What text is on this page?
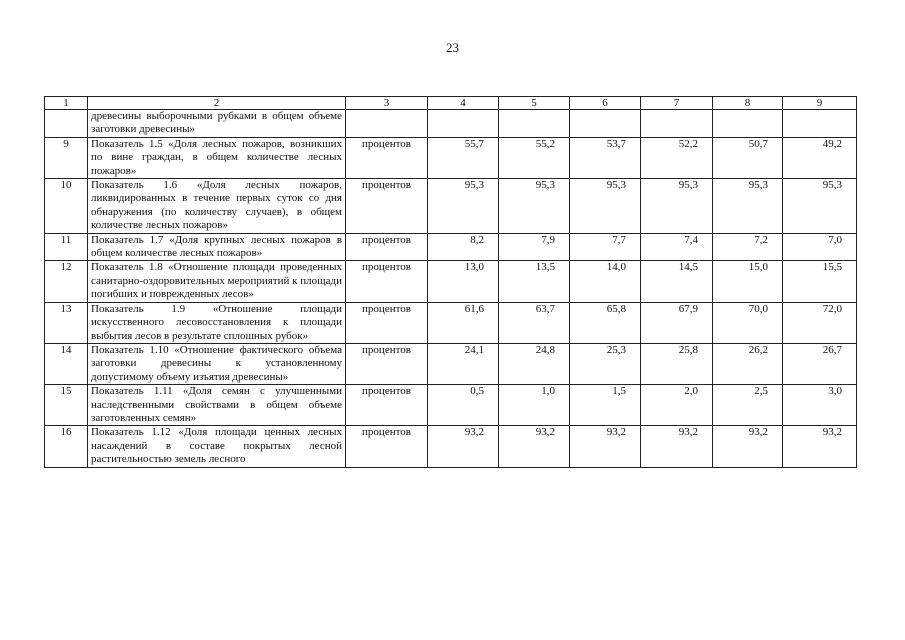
23
1	2	3	4	5	6	7	8	9
	древесины выборочными рубками в общем объеме заготовки древесины»							
9	Показатель 1.5 «Доля лесных пожаров, возникших по вине граждан, в общем количестве лесных пожаров»	процентов	55,7	55,2	53,7	52,2	50,7	49,2
10	Показатель 1.6 «Доля лесных пожаров, ликвидированных в течение первых суток со дня обнаружения (по количеству случаев), в общем количестве лесных пожаров»	процентов	95,3	95,3	95,3	95,3	95,3	95,3
11	Показатель 1.7 «Доля крупных лесных пожаров в общем количестве лесных пожаров»	процентов	8,2	7,9	7,7	7,4	7,2	7,0
12	Показатель 1.8 «Отношение площади проведенных санитарно-оздоровительных мероприятий к площади погибших и поврежденных лесов»	процентов	13,0	13,5	14,0	14,5	15,0	15,5
13	Показатель 1.9 «Отношение площади искусственного лесовосстановления к площади выбытия лесов в результате сплошных рубок»	процентов	61,6	63,7	65,8	67,9	70,0	72,0
14	Показатель 1.10 «Отношение фактического объема заготовки древесины к установленному допустимому объему изъятия древесины»	процентов	24,1	24,8	25,3	25,8	26,2	26,7
15	Показатель 1.11 «Доля семян с улучшенными наследственными свойствами в общем объеме заготовленных семян»	процентов	0,5	1,0	1,5	2,0	2,5	3,0
16	Показатель 1.12 «Доля площади ценных лесных насаждений в составе покрытых лесной растительностью земель лесного	процентов	93,2	93,2	93,2	93,2	93,2	93,2
